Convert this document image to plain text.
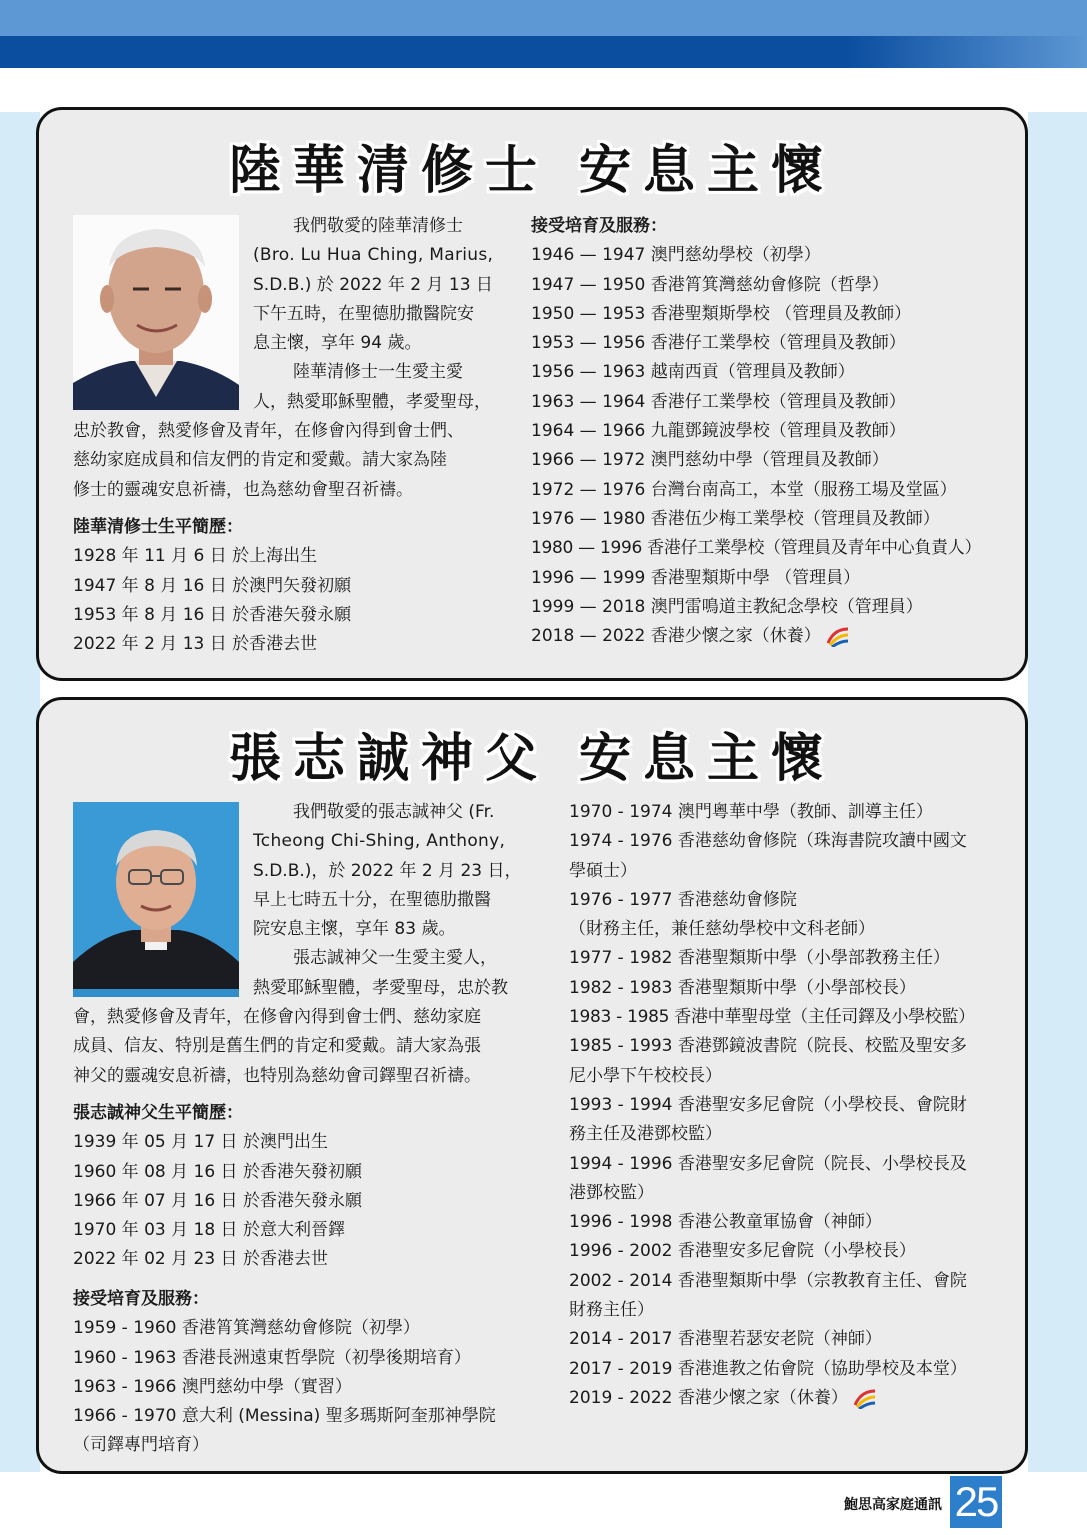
陸華清修士 安息主懷
我們敬愛的陸華清修士
(Bro. Lu Hua Ching, Marius,
S.D.B.) 於 2022 年 2 月 13 日
下午五時，在聖德肋撒醫院安
息主懷，享年 94 歲。
陸華清修士一生愛主愛
人，熱愛耶穌聖體，孝愛聖母，
忠於教會，熱愛修會及青年，在修會內得到會士們、
慈幼家庭成員和信友們的肯定和愛戴。請大家為陸
修士的靈魂安息祈禱，也為慈幼會聖召祈禱。
陸華清修士生平簡歷：
1928 年 11 月 6 日 於上海出生
1947 年 8 月 16 日 於澳門矢發初願
1953 年 8 月 16 日 於香港矢發永願
2022 年 2 月 13 日 於香港去世
接受培育及服務：
1946 — 1947 澳門慈幼學校（初學）
1947 — 1950 香港筲箕灣慈幼會修院（哲學）
1950 — 1953 香港聖類斯學校 （管理員及教師）
1953 — 1956 香港仔工業學校（管理員及教師）
1956 — 1963 越南西貢（管理員及教師）
1963 — 1964 香港仔工業學校（管理員及教師）
1964 — 1966 九龍鄧鏡波學校（管理員及教師）
1966 — 1972 澳門慈幼中學（管理員及教師）
1972 — 1976 台灣台南高工，本堂（服務工場及堂區）
1976 — 1980 香港伍少梅工業學校（管理員及教師）
1980 — 1996 香港仔工業學校（管理員及青年中心負責人）
1996 — 1999 香港聖類斯中學 （管理員）
1999 — 2018 澳門雷鳴道主教紀念學校（管理員）
2018 — 2022 香港少懷之家（休養）
張志誠神父 安息主懷
我們敬愛的張志誠神父 (Fr.
Tcheong Chi-Shing, Anthony,
S.D.B.)，於 2022 年 2 月 23 日，
早上七時五十分，在聖德肋撒醫
院安息主懷，享年 83 歲。
張志誠神父一生愛主愛人，
熱愛耶穌聖體，孝愛聖母，忠於教
會，熱愛修會及青年，在修會內得到會士們、慈幼家庭
成員、信友、特別是舊生們的肯定和愛戴。請大家為張
神父的靈魂安息祈禱，也特別為慈幼會司鐸聖召祈禱。
張志誠神父生平簡歷：
1939 年 05 月 17 日 於澳門出生
1960 年 08 月 16 日 於香港矢發初願
1966 年 07 月 16 日 於香港矢發永願
1970 年 03 月 18 日 於意大利晉鐸
2022 年 02 月 23 日 於香港去世
接受培育及服務：
1959 - 1960 香港筲箕灣慈幼會修院（初學）
1960 - 1963 香港長洲遠東哲學院（初學後期培育）
1963 - 1966 澳門慈幼中學（實習）
1966 - 1970 意大利 (Messina) 聖多瑪斯阿奎那神學院
（司鐸專門培育）
1970 - 1974 澳門粵華中學（教師、訓導主任）
1974 - 1976 香港慈幼會修院（珠海書院攻讀中國文
學碩士）
1976 - 1977 香港慈幼會修院
（財務主任，兼任慈幼學校中文科老師）
1977 - 1982 香港聖類斯中學（小學部教務主任）
1982 - 1983 香港聖類斯中學（小學部校長）
1983 - 1985 香港中華聖母堂（主任司鐸及小學校監）
1985 - 1993 香港鄧鏡波書院（院長、校監及聖安多
尼小學下午校校長）
1993 - 1994 香港聖安多尼會院（小學校長、會院財
務主任及港鄧校監）
1994 - 1996 香港聖安多尼會院（院長、小學校長及
港鄧校監）
1996 - 1998 香港公教童軍協會（神師）
1996 - 2002 香港聖安多尼會院（小學校長）
2002 - 2014 香港聖類斯中學（宗教教育主任、會院
財務主任）
2014 - 2017 香港聖若瑟安老院（神師）
2017 - 2019 香港進教之佑會院（協助學校及本堂）
2019 - 2022 香港少懷之家（休養）
鮑思高家庭通訊 25
